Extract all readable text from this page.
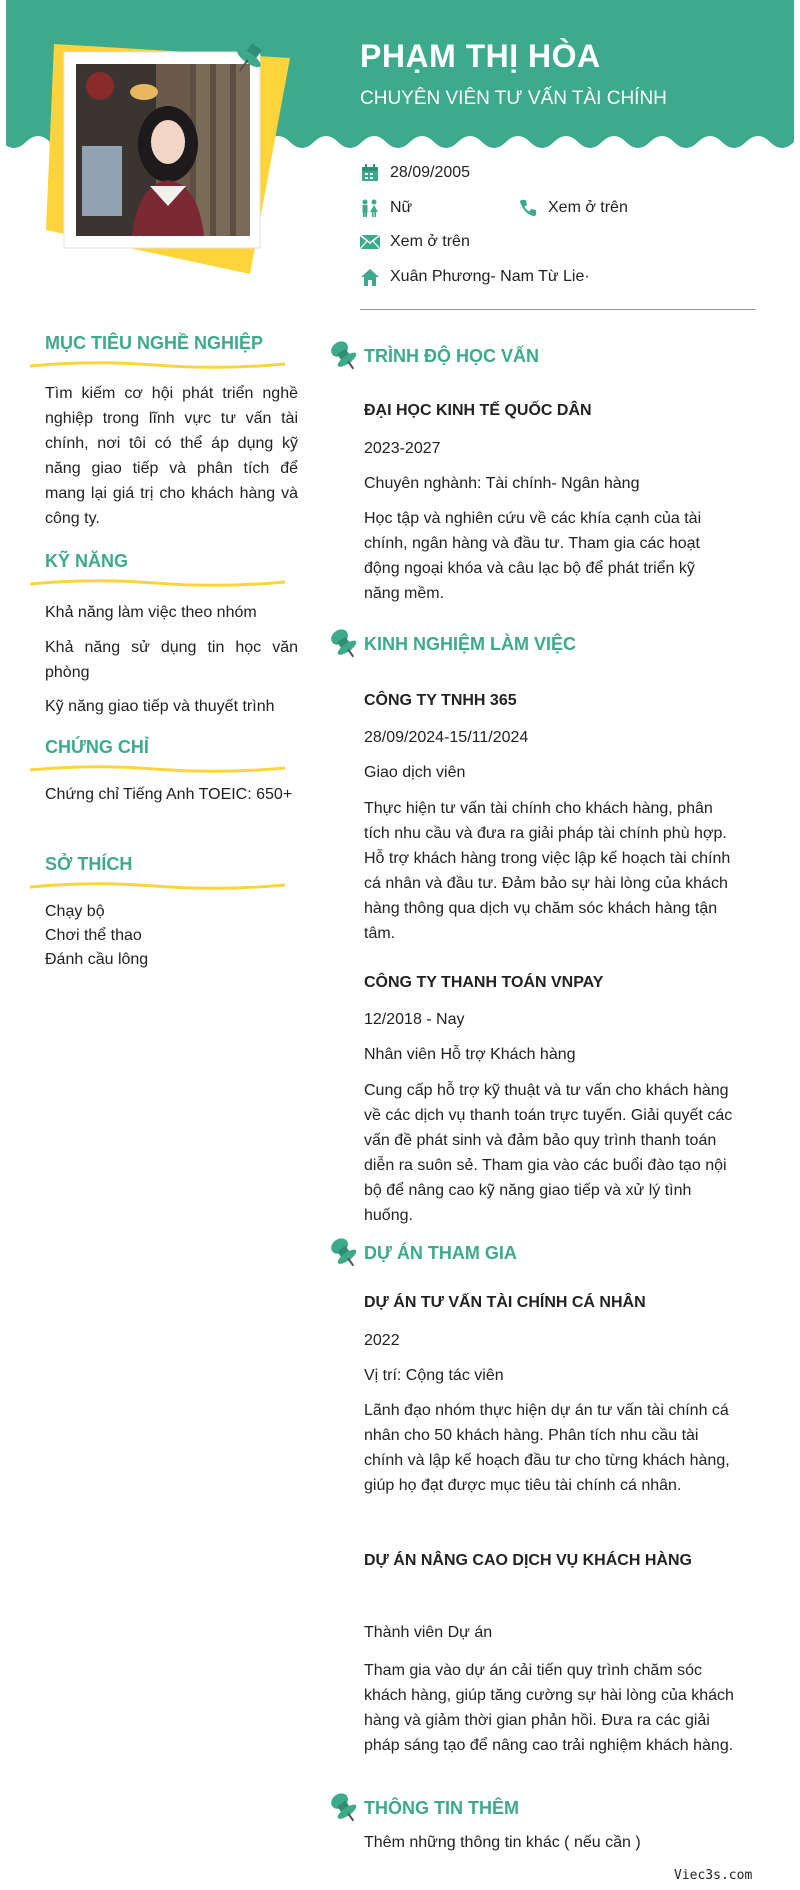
PHẠM THỊ HÒA
CHUYÊN VIÊN TƯ VẤN TÀI CHÍNH
28/09/2005
Nữ	Xem ở trên
Xem ở trên
Xuân Phương- Nam Từ Lie·
MỤC TIÊU NGHỀ NGHIỆP
Tìm kiếm cơ hội phát triển nghề nghiệp trong lĩnh vực tư vấn tài chính, nơi tôi có thể áp dụng kỹ năng giao tiếp và phân tích để mang lại giá trị cho khách hàng và công ty.
KỸ NĂNG
Khả năng làm việc theo nhóm
Khả năng sử dụng tin học văn phòng
Kỹ năng giao tiếp và thuyết trình
CHỨNG CHỈ
Chứng chỉ Tiếng Anh TOEIC: 650+
SỞ THÍCH
Chạy bộ
Chơi thể thao
Đánh cầu lông
TRÌNH ĐỘ HỌC VẤN
ĐẠI HỌC KINH TẾ QUỐC DÂN
2023-2027
Chuyên nghành: Tài chính- Ngân hàng
Học tập và nghiên cứu về các khía cạnh của tài chính, ngân hàng và đầu tư. Tham gia các hoạt động ngoại khóa và câu lạc bộ để phát triển kỹ năng mềm.
KINH NGHIỆM LÀM VIỆC
CÔNG TY TNHH 365
28/09/2024-15/11/2024
Giao dịch viên
Thực hiện tư vấn tài chính cho khách hàng, phân tích nhu cầu và đưa ra giải pháp tài chính phù hợp. Hỗ trợ khách hàng trong việc lập kế hoạch tài chính cá nhân và đầu tư. Đảm bảo sự hài lòng của khách hàng thông qua dịch vụ chăm sóc khách hàng tận tâm.
CÔNG TY THANH TOÁN VNPAY
12/2018 - Nay
Nhân viên Hỗ trợ Khách hàng
Cung cấp hỗ trợ kỹ thuật và tư vấn cho khách hàng về các dịch vụ thanh toán trực tuyến. Giải quyết các vấn đề phát sinh và đảm bảo quy trình thanh toán diễn ra suôn sẻ. Tham gia vào các buổi đào tạo nội bộ để nâng cao kỹ năng giao tiếp và xử lý tình huống.
DỰ ÁN THAM GIA
DỰ ÁN TƯ VẤN TÀI CHÍNH CÁ NHÂN
2022
Vị trí: Cộng tác viên
Lãnh đạo nhóm thực hiện dự án tư vấn tài chính cá nhân cho 50 khách hàng. Phân tích nhu cầu tài chính và lập kế hoạch đầu tư cho từng khách hàng, giúp họ đạt được mục tiêu tài chính cá nhân.
DỰ ÁN NÂNG CAO DỊCH VỤ KHÁCH HÀNG
Thành viên Dự án
Tham gia vào dự án cải tiến quy trình chăm sóc khách hàng, giúp tăng cường sự hài lòng của khách hàng và giảm thời gian phản hồi. Đưa ra các giải pháp sáng tạo để nâng cao trải nghiệm khách hàng.
THÔNG TIN THÊM
Thêm những thông tin khác ( nếu cần )
Viec3s.com
